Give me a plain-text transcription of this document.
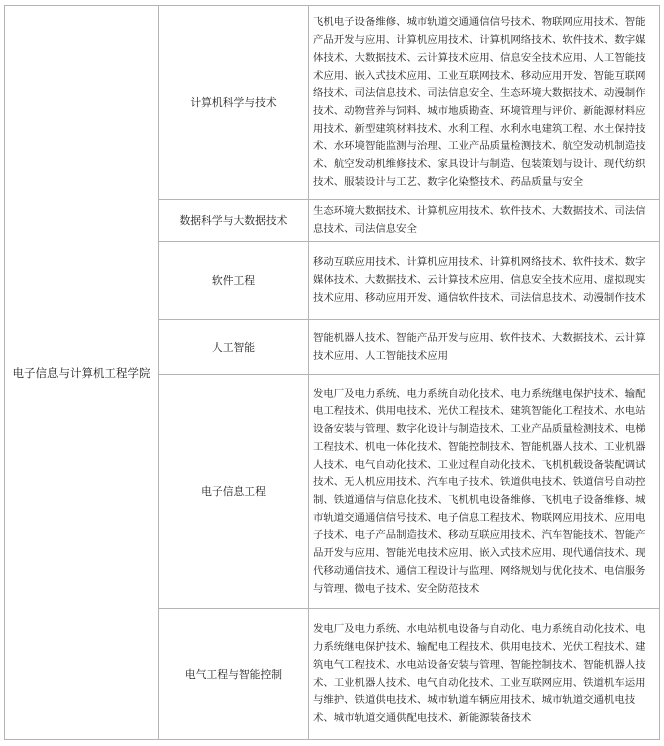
电子信息与计算机工程学院	计算机科学与技术	飞机电子设备维修、城市轨道交通通信信号技术、物联网应用技术、智能产品开发与应用、计算机应用技术、计算机网络技术、软件技术、数字媒体技术、大数据技术、云计算技术应用、信息安全技术应用、人工智能技术应用、嵌入式技术应用、工业互联网技术、移动应用开发、智能互联网络技术、司法信息技术、司法信息安全、生态环境大数据技术、动漫制作技术、动物营养与饲料、城市地质勘查、环境管理与评价、新能源材料应用技术、新型建筑材料技术、水利工程、水利水电建筑工程、水土保持技术、水环境智能监测与治理、工业产品质量检测技术、航空发动机制造技术、航空发动机维修技术、家具设计与制造、包装策划与设计、现代纺织技术、服装设计与工艺、数字化染整技术、药品质量与安全
	数据科学与大数据技术	生态环境大数据技术、计算机应用技术、软件技术、大数据技术、司法信息技术、司法信息安全
	软件工程	移动互联应用技术、计算机应用技术、计算机网络技术、软件技术、数字媒体技术、大数据技术、云计算技术应用、信息安全技术应用、虚拟现实技术应用、移动应用开发、通信软件技术、司法信息技术、动漫制作技术
	人工智能	智能机器人技术、智能产品开发与应用、软件技术、大数据技术、云计算技术应用、人工智能技术应用
	电子信息工程	发电厂及电力系统、电力系统自动化技术、电力系统继电保护技术、输配电工程技术、供用电技术、光伏工程技术、建筑智能化工程技术、水电站设备安装与管理、数字化设计与制造技术、工业产品质量检测技术、电梯工程技术、机电一体化技术、智能控制技术、智能机器人技术、工业机器人技术、电气自动化技术、工业过程自动化技术、飞机机载设备装配调试技术、无人机应用技术、汽车电子技术、铁道供电技术、铁道信号自动控制、铁道通信与信息化技术、飞机机电设备维修、飞机电子设备维修、城市轨道交通通信信号技术、电子信息工程技术、物联网应用技术、应用电子技术、电子产品制造技术、移动互联应用技术、汽车智能技术、智能产品开发与应用、智能光电技术应用、嵌入式技术应用、现代通信技术、现代移动通信技术、通信工程设计与监理、网络规划与优化技术、电信服务与管理、微电子技术、安全防范技术
	电气工程与智能控制	发电厂及电力系统、水电站机电设备与自动化、电力系统自动化技术、电力系统继电保护技术、输配电工程技术、供用电技术、光伏工程技术、建筑电气工程技术、水电站设备安装与管理、智能控制技术、智能机器人技术、工业机器人技术、电气自动化技术、工业互联网应用、铁道机车运用与维护、铁道供电技术、城市轨道车辆应用技术、城市轨道交通机电技术、城市轨道交通供配电技术、新能源装备技术
